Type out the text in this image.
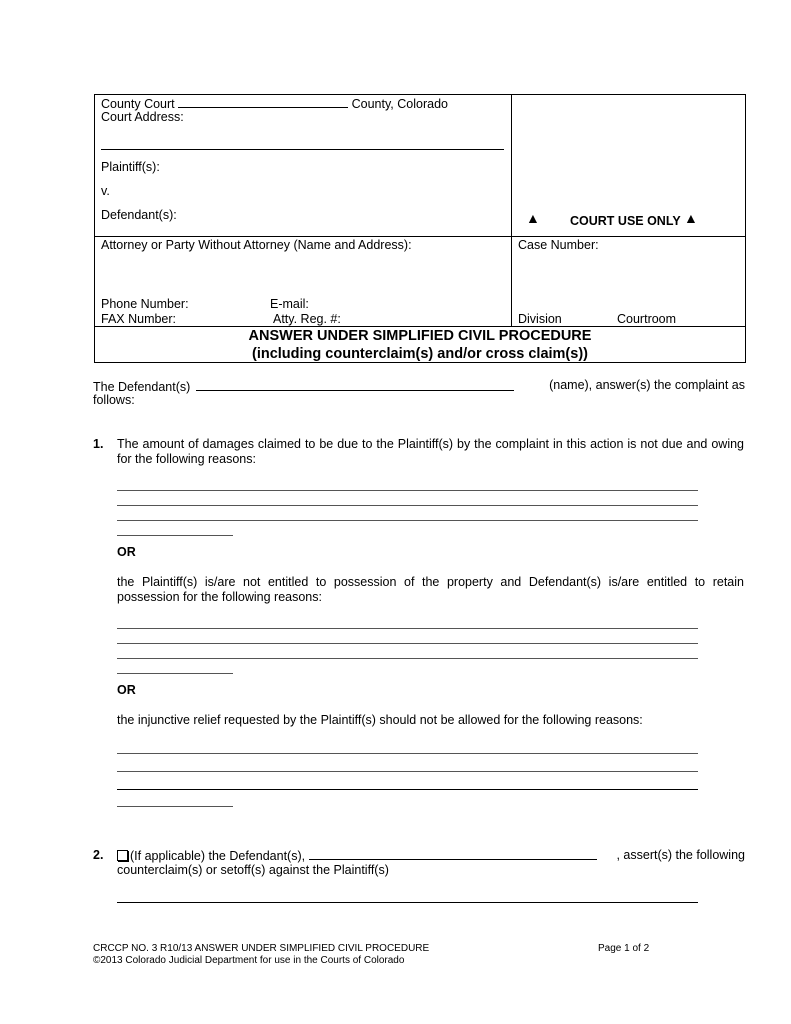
County Court	County, Colorado
Court Address:
Plaintiff(s):
v.
Defendant(s):	▲ COURT USE ONLY ▲
Attorney or Party Without Attorney (Name and Address):
Phone Number:	E-mail:
FAX Number:	Atty. Reg. #:
Case Number:
Division	Courtroom
ANSWER UNDER SIMPLIFIED CIVIL PROCEDURE
(including counterclaim(s) and/or cross claim(s))
The Defendant(s)	(name), answer(s) the complaint as
follows:
1. The amount of damages claimed to be due to the Plaintiff(s) by the complaint in this action is not due and owing for the following reasons:
OR
the Plaintiff(s) is/are not entitled to possession of the property and Defendant(s) is/are entitled to retain possession for the following reasons:
OR
the injunctive relief requested by the Plaintiff(s) should not be allowed for the following reasons:
2.	(If applicable) the Defendant(s),	, assert(s) the following
counterclaim(s) or setoff(s) against the Plaintiff(s)
CRCCP NO. 3 R10/13 ANSWER UNDER SIMPLIFIED CIVIL PROCEDURE	Page 1 of 2
©2013 Colorado Judicial Department for use in the Courts of Colorado
